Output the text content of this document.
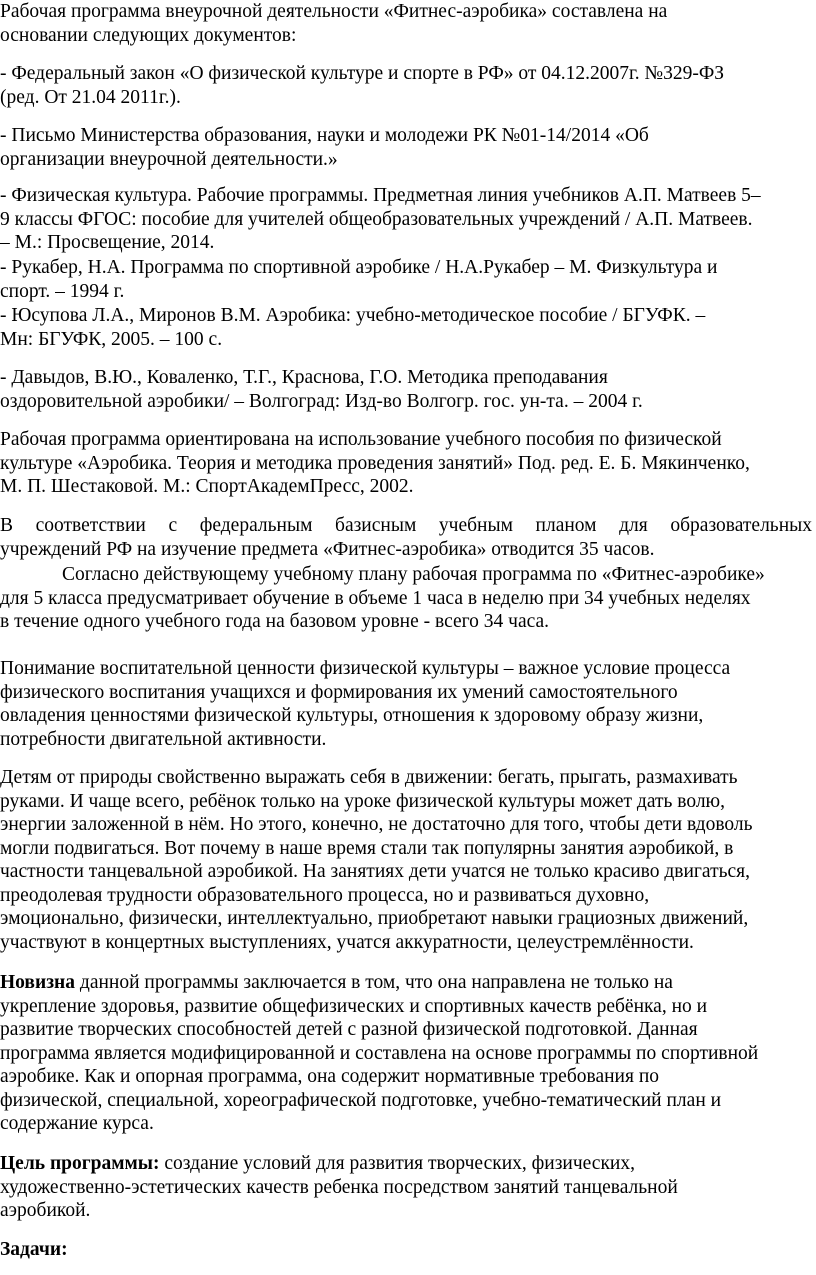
Рабочая программа внеурочной деятельности «Фитнес-аэробика» составлена на
основании следующих документов:

- Федеральный закон «О физической культуре и спорте в РФ» от 04.12.2007г. №329-ФЗ
(ред. От 21.04 2011г.).

- Письмо Министерства образования, науки и молодежи РК №01-14/2014 «Об
организации внеурочной деятельности.»

- Физическая культура. Рабочие программы. Предметная линия учебников А.П. Матвеев 5–
9 классы ФГОС: пособие для учителей общеобразовательных учреждений / А.П. Матвеев.
– М.: Просвещение, 2014.

- Рукабер, Н.А. Программа по спортивной аэробике / Н.А.Рукабер – М. Физкультура и
спорт. – 1994 г.

- Юсупова Л.А., Миронов В.М. Аэробика: учебно-методическое пособие / БГУФК. –
Мн: БГУФК, 2005. – 100 с.

- Давыдов, В.Ю., Коваленко, Т.Г., Краснова, Г.О. Методика преподавания
оздоровительной аэробики/ – Волгоград: Изд-во Волгогр. гос. ун-та. – 2004 г.

Рабочая программа ориентирована на использование учебного пособия по физической
культуре «Аэробика. Теория и методика проведения занятий» Под. ред. Е. Б. Мякинченко,
М. П. Шестаковой. М.: СпортАкадемПресс, 2002.

В соответствии с федеральным базисным учебным планом для образовательных
учреждений РФ на изучение предмета «Фитнес-аэробика» отводится 35 часов.

Согласно действующему учебному плану рабочая программа по «Фитнес-аэробике»
для 5 класса предусматривает обучение в объеме 1 часа в неделю при 34 учебных неделях
в течение одного учебного года на базовом уровне - всего 34 часа.

Понимание воспитательной ценности физической культуры – важное условие процесса
физического воспитания учащихся и формирования их умений самостоятельного
овладения ценностями физической культуры, отношения к здоровому образу жизни,
потребности двигательной активности.

Детям от природы свойственно выражать себя в движении: бегать, прыгать, размахивать
руками. И чаще всего, ребёнок только на уроке физической культуры может дать волю,
энергии заложенной в нём. Но этого, конечно, не достаточно для того, чтобы дети вдоволь
могли подвигаться. Вот почему в наше время стали так популярны занятия аэробикой, в
частности танцевальной аэробикой. На занятиях дети учатся не только красиво двигаться,
преодолевая трудности образовательного процесса, но и развиваться духовно,
эмоционально, физически, интеллектуально, приобретают навыки грациозных движений,
участвуют в концертных выступлениях, учатся аккуратности, целеустремлённости.

Новизна данной программы заключается в том, что она направлена не только на
укрепление здоровья, развитие общефизических и спортивных качеств ребёнка, но и
развитие творческих способностей детей с разной физической подготовкой. Данная
программа является модифицированной и составлена на основе программы по спортивной
аэробике. Как и опорная программа, она содержит нормативные требования по
физической, специальной, хореографической подготовке, учебно-тематический план и
содержание курса.

Цель программы: создание условий для развития творческих, физических,
художественно-эстетических качеств ребенка посредством занятий танцевальной
аэробикой.

Задачи:
